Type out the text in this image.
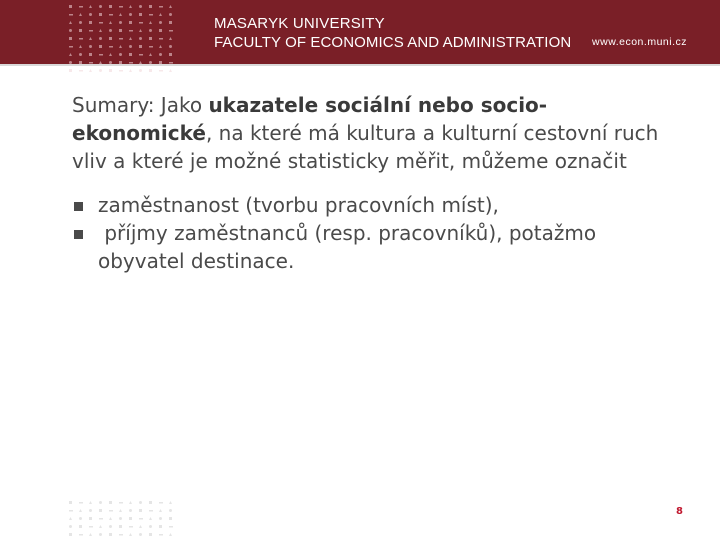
MASARYK UNIVERSITY
FACULTY OF ECONOMICS AND ADMINISTRATION www.econ.muni.cz

Sumary: Jako ukazatele sociální nebo socio-ekonomické, na které má kultura a kulturní cestovní ruch vliv a které je možné statisticky měřit, můžeme označit

zaměstnanost (tvorbu pracovních míst),
příjmy zaměstnanců (resp. pracovníků), potažmo obyvatel destinace.
8
